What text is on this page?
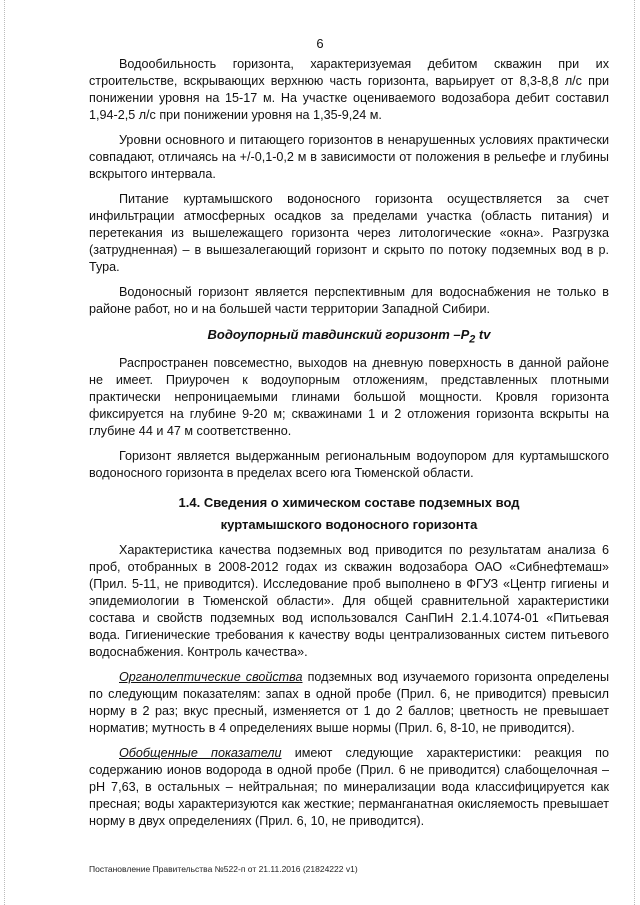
6

Водообильность горизонта, характеризуемая дебитом скважин при их строительстве, вскрывающих верхнюю часть горизонта, варьирует от 8,3-8,8 л/с при понижении уровня на 15-17 м. На участке оцениваемого водозабора дебит составил 1,94-2,5 л/с при понижении уровня на 1,35-9,24 м.

Уровни основного и питающего горизонтов в ненарушенных условиях практически совпадают, отличаясь на +/-0,1-0,2 м в зависимости от положения в рельефе и глубины вскрытого интервала.

Питание куртамышского водоносного горизонта осуществляется за счет инфильтрации атмосферных осадков за пределами участка (область питания) и перетекания из вышележащего горизонта через литологические «окна». Разгрузка (затрудненная) – в вышезалегающий горизонт и скрыто по потоку подземных вод в р. Тура.

Водоносный горизонт является перспективным для водоснабжения не только в районе работ, но и на большей части территории Западной Сибири.

Водоупорный тавдинский горизонт $-P_2$ tv

Распространен повсеместно, выходов на дневную поверхность в данной районе не имеет. Приурочен к водоупорным отложениям, представленных плотными практически непроницаемыми глинами большой мощности. Кровля горизонта фиксируется на глубине 9-20 м; скважинами 1 и 2 отложения горизонта вскрыты на глубине 44 и 47 м соответственно.

Горизонт является выдержанным региональным водоупором для куртамышского водоносного горизонта в пределах всего юга Тюменской области.

1.4. Сведения о химическом составе подземных вод
куртамышского водоносного горизонта

Характеристика качества подземных вод приводится по результатам анализа 6 проб, отобранных в 2008-2012 годах из скважин водозабора ОАО «Сибнефтемаш» (Прил. 5-11, не приводится). Исследование проб выполнено в ФГУЗ «Центр гигиены и эпидемиологии в Тюменской области». Для общей сравнительной характеристики состава и свойств подземных вод использовался СанПиН 2.1.4.1074-01 «Питьевая вода. Гигиенические требования к качеству воды централизованных систем питьевого водоснабжения. Контроль качества».

Органолептические свойства подземных вод изучаемого горизонта определены по следующим показателям: запах в одной пробе (Прил. 6, не приводится) превысил норму в 2 раз; вкус пресный, изменяется от 1 до 2 баллов; цветность не превышает норматив; мутность в 4 определениях выше нормы (Прил. 6, 8-10, не приводится).

Обобщенные показатели имеют следующие характеристики: реакция по содержанию ионов водорода в одной пробе (Прил. 6 не приводится) слабощелочная – pH 7,63, в остальных – нейтральная; по минерализации вода классифицируется как пресная; воды характеризуются как жесткие; перманганатная окисляемость превышает норму в двух определениях (Прил. 6, 10, не приводится).

Постановление Правительства №522-п от 21.11.2016 (21824222 v1)
